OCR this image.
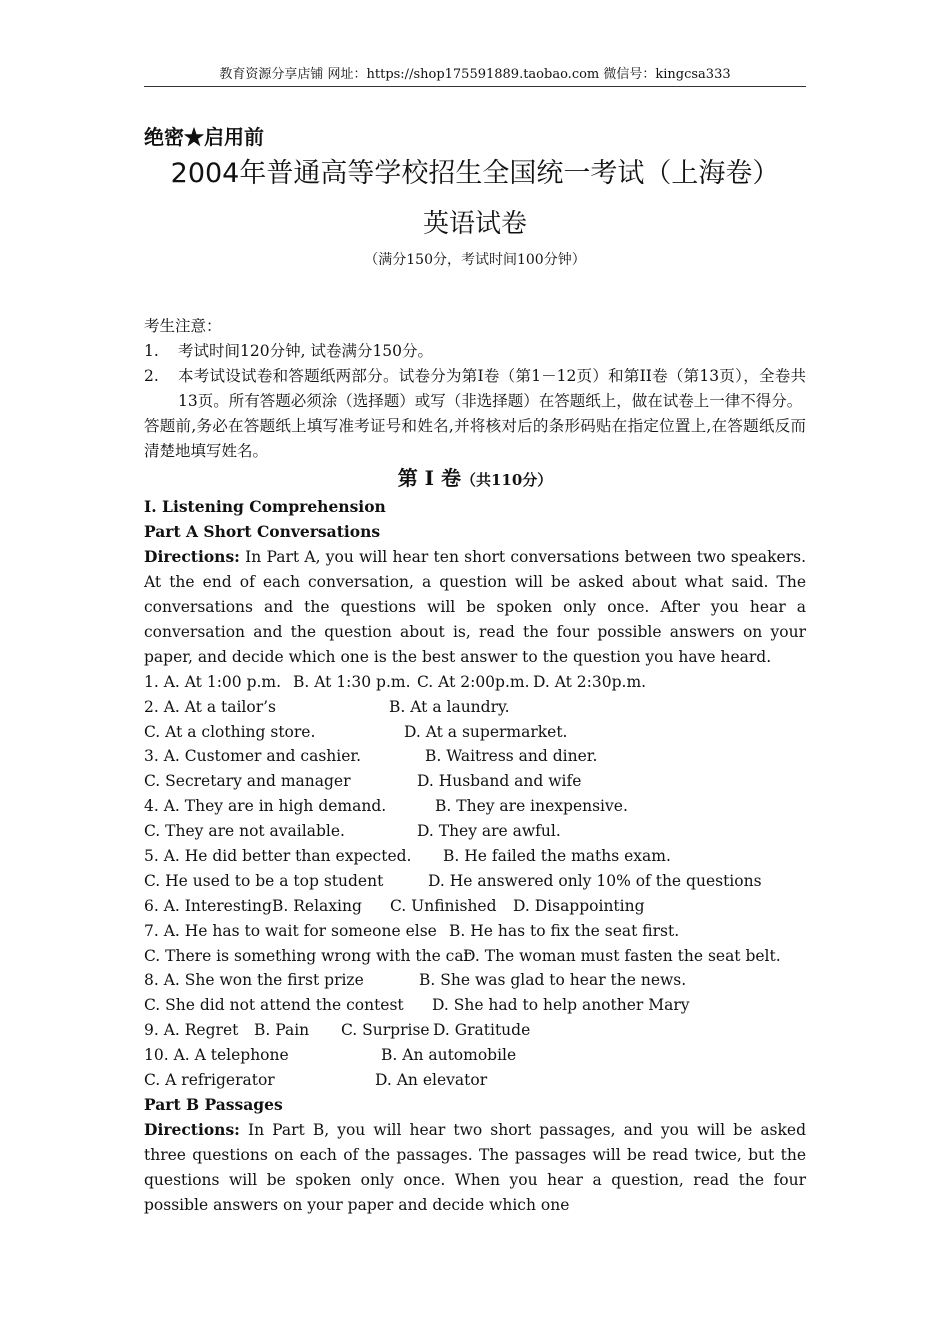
教育资源分享店铺 网址：https://shop175591889.taobao.com 微信号：kingcsa333
绝密★启用前
2004年普通高等学校招生全国统一考试（上海卷）
英语试卷
（满分150分，考试时间100分钟）

考生注意：

1. 考试时间120分钟, 试卷满分150分。

2. 本考试设试卷和答题纸两部分。试卷分为第I卷（第1－12页）和第II卷（第13页），全卷共13页。所有答题必须涂（选择题）或写（非选择题）在答题纸上，做在试卷上一律不得分。

答题前,务必在答题纸上填写准考证号和姓名,并将核对后的条形码贴在指定位置上,在答题纸反而清楚地填写姓名。

第 I 卷（共110分）

I. Listening Comprehension

Part A Short Conversations

Directions: In Part A, you will hear ten short conversations between two speakers. At the end of each conversation, a question will be asked about what said. The conversations and the questions will be spoken only once. After you hear a conversation and the question about is, read the four possible answers on your paper, and decide which one is the best answer to the question you have heard.

1. A. At 1:00 p.m. B. At 1:30 p.m. C. At 2:00p.m. D. At 2:30p.m.
2. A. At a tailor’s	B. At a laundry.
C. At a clothing store.	D. At a supermarket.
3. A. Customer and cashier.	B. Waitress and diner.
C. Secretary and manager	D. Husband and wife
4. A. They are in high demand.	B. They are inexpensive.
C. They are not available.	D. They are awful.
5. A. He did better than expected. B. He failed the maths exam.
C. He used to be a top student	D. He answered only 10% of the questions
6. A. Interesting B. Relaxing C. Unfinished D. Disappointing
7. A. He has to wait for someone else B. He has to fix the seat first.
C. There is something wrong with the car
D. The woman must fasten the seat belt.
8. A. She won the first prize	B. She was glad to hear the news.
C. She did not attend the contest D. She had to help another Mary
9. A. Regret B. Pain C. Surprise D. Gratitude
10. A. A telephone	B. An automobile
C. A refrigerator	D. An elevator

Part B Passages

Directions: In Part B, you will hear two short passages, and you will be asked three questions on each of the passages. The passages will be read twice, but the questions will be spoken only once. When you hear a question, read the four possible answers on your paper and decide which one
